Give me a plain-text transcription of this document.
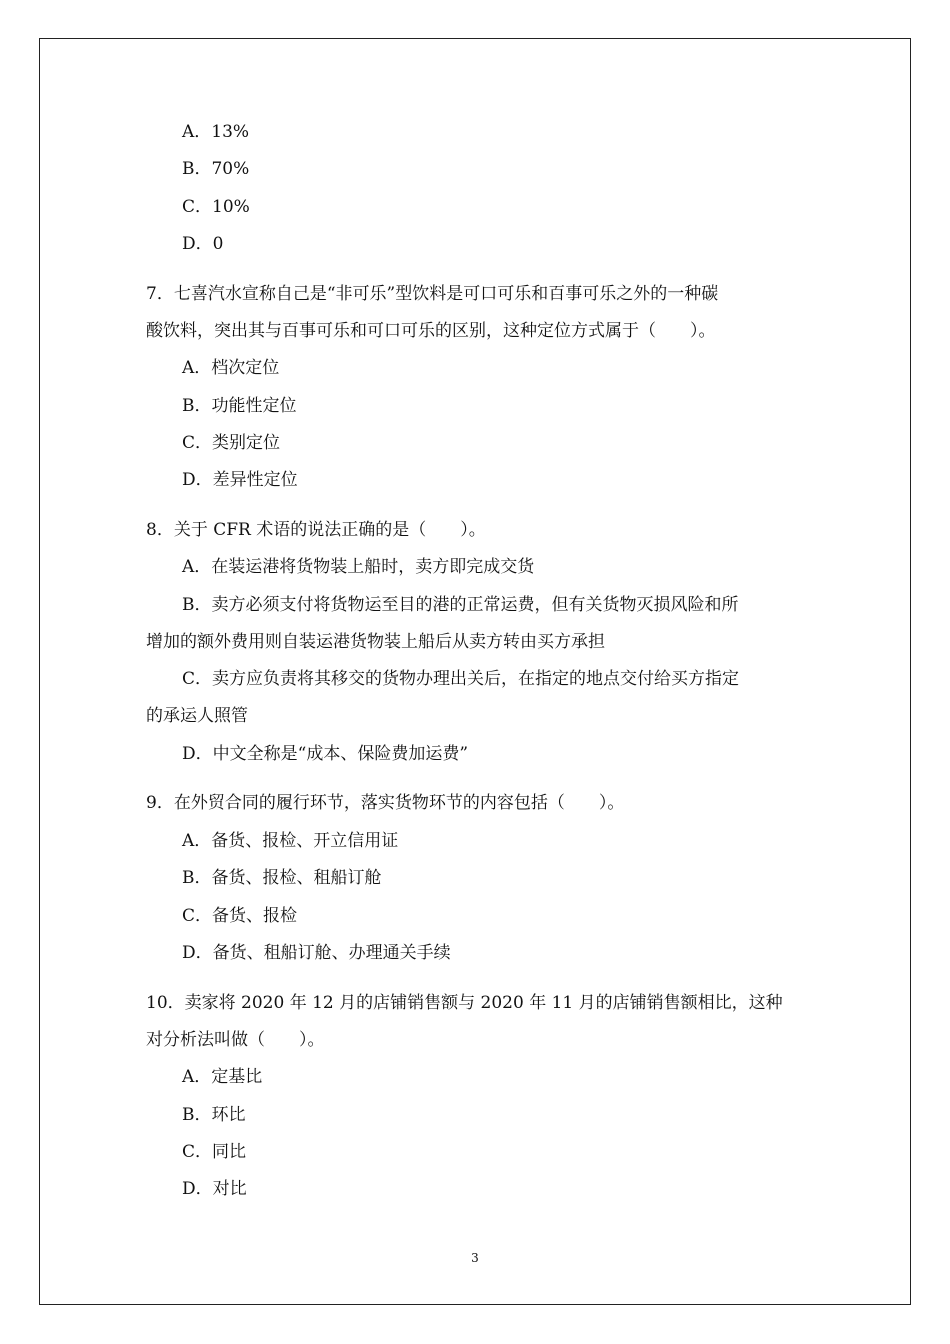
A．13%
B．70%
C．10%
D．0
7．七喜汽水宣称自己是“非可乐”型饮料是可口可乐和百事可乐之外的一种碳
酸饮料，突出其与百事可乐和可口可乐的区别，这种定位方式属于（　　）。
A．档次定位
B．功能性定位
C．类别定位
D．差异性定位
8．关于 CFR 术语的说法正确的是（　　）。
A．在装运港将货物装上船时，卖方即完成交货
B．卖方必须支付将货物运至目的港的正常运费，但有关货物灭损风险和所
增加的额外费用则自装运港货物装上船后从卖方转由买方承担
C．卖方应负责将其移交的货物办理出关后，在指定的地点交付给买方指定
的承运人照管
D．中文全称是“成本、保险费加运费”
9．在外贸合同的履行环节，落实货物环节的内容包括（　　）。
A．备货、报检、开立信用证
B．备货、报检、租船订舱
C．备货、报检
D．备货、租船订舱、办理通关手续
10．卖家将 2020 年 12 月的店铺销售额与 2020 年 11 月的店铺销售额相比，这种
对分析法叫做（　　）。
A．定基比
B．环比
C．同比
D．对比
3
